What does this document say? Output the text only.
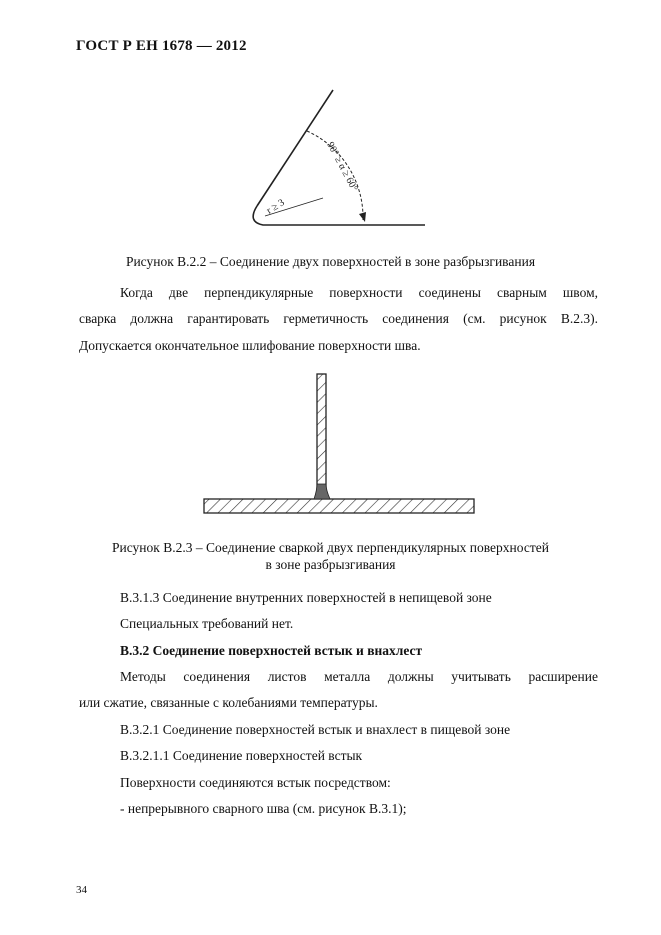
ГОСТ Р ЕН 1678 — 2012
90° ≥ α ≥ 60°
r ≥ 3
Рисунок В.2.2 – Соединение двух поверхностей в зоне разбрызгивания
Когда две перпендикулярные поверхности соединены сварным швом,
сварка должна гарантировать герметичность соединения (см. рисунок В.2.3).
Допускается окончательное шлифование поверхности шва.
Рисунок В.2.3 – Соединение сваркой двух перпендикулярных поверхностей
в зоне разбрызгивания
В.3.1.3 Соединение внутренних поверхностей в непищевой зоне
Специальных требований нет.
В.3.2 Соединение поверхностей встык и внахлест
Методы соединения листов металла должны учитывать расширение
или сжатие, связанные с колебаниями температуры.
В.3.2.1 Соединение поверхностей встык и внахлест в пищевой зоне
В.3.2.1.1 Соединение поверхностей встык
Поверхности соединяются встык посредством:
- непрерывного сварного шва (см. рисунок В.3.1);
34
